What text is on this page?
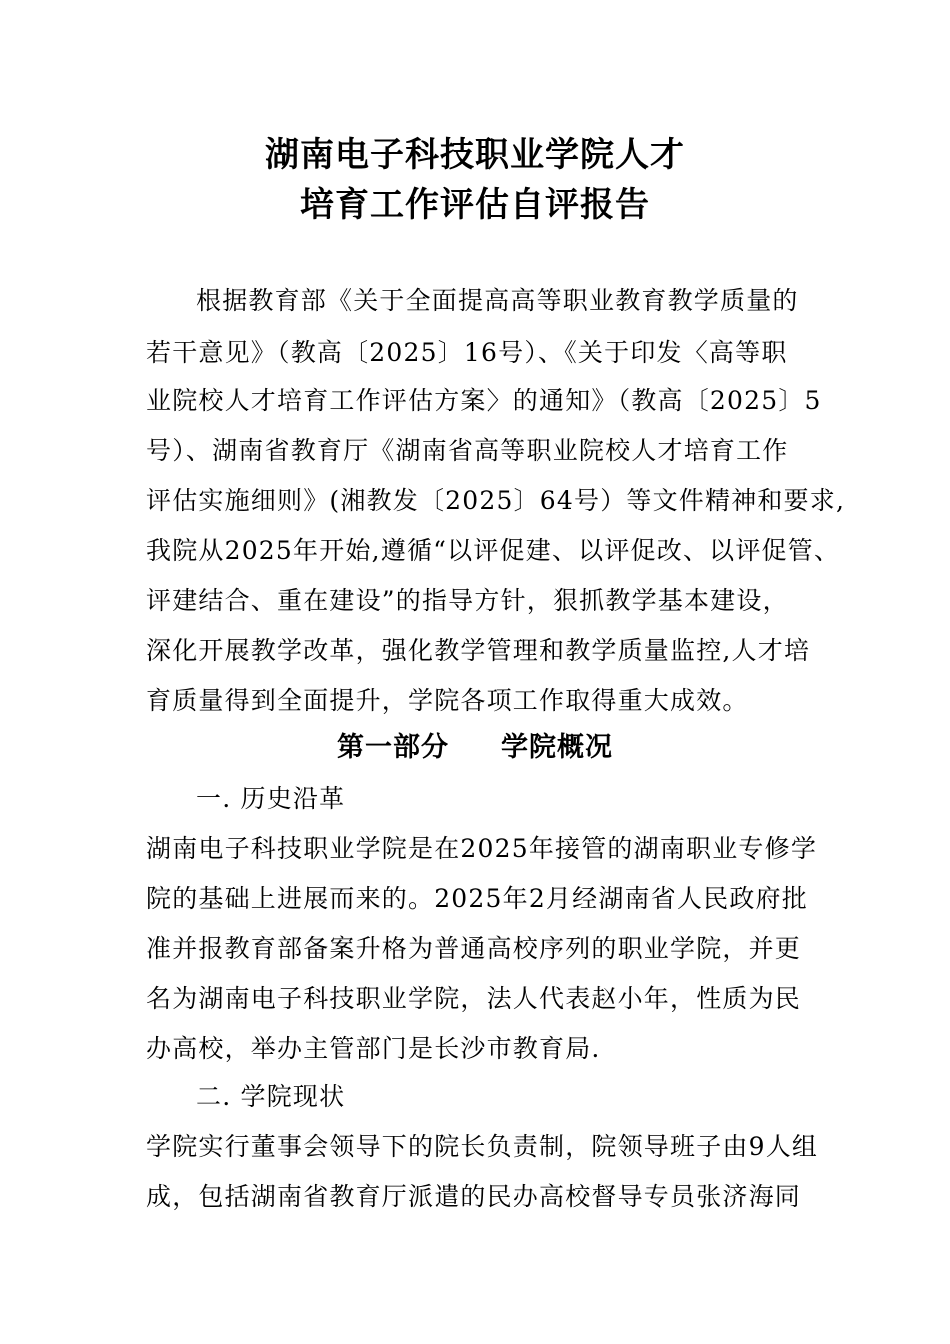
湖南电子科技职业学院人才
培育工作评估自评报告
根据教育部《关于全面提高高等职业教育教学质量的
若干意见》（教高〔2025〕16号）、《关于印发〈高等职
业院校人才培育工作评估方案〉的通知》（教高〔2025〕5
号）、湖南省教育厅《湖南省高等职业院校人才培育工作
评估实施细则》(湘教发〔2025〕64号）等文件精神和要求,
我院从2025年开始,遵循“以评促建、以评促改、以评促管、
评建结合、重在建设”的指导方针，狠抓教学基本建设，
深化开展教学改革，强化教学管理和教学质量监控,人才培
育质量得到全面提升，学院各项工作取得重大成效。
第一部分 学院概况
一. 历史沿革
湖南电子科技职业学院是在2025年接管的湖南职业专修学
院的基础上进展而来的。2025年2月经湖南省人民政府批
准并报教育部备案升格为普通高校序列的职业学院，并更
名为湖南电子科技职业学院，法人代表赵小年，性质为民
办高校，举办主管部门是长沙市教育局.
二. 学院现状
学院实行董事会领导下的院长负责制，院领导班子由9人组
成，包括湖南省教育厅派遣的民办高校督导专员张济海同
